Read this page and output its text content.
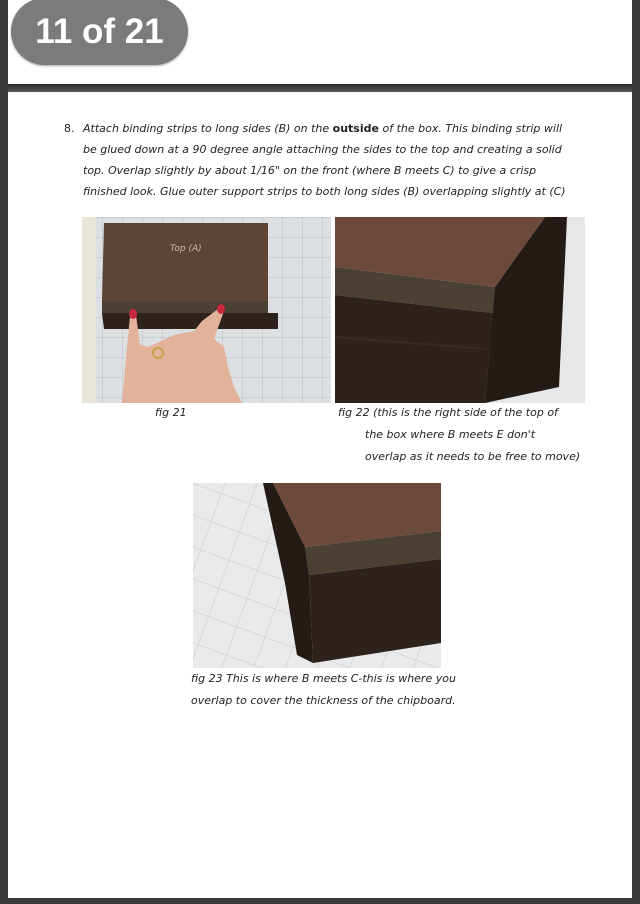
8. Attach binding strips to long sides (B) on the outside of the box. This binding strip will
be glued down at a 90 degree angle attaching the sides to the top and creating a solid
top. Overlap slightly by about 1/16" on the front (where B meets C) to give a crisp
finished look. Glue outer support strips to both long sides (B) overlapping slightly at (C)
Top (A)
fig 21	fig 22 (this is the right side of the top of
the box where B meets E don't
overlap as it needs to be free to move)
fig 23 This is where B meets C-this is where you
overlap to cover the thickness of the chipboard.
11 of 21
